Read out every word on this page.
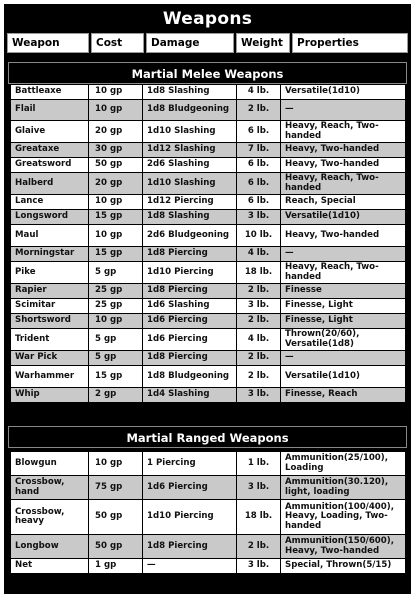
Weapons
Weapon	Cost	Damage	Weight	Properties
Martial Melee Weapons
Battleaxe	10 gp	1d8 Slashing	4 lb.	Versatile(1d10)
Flail	10 gp	1d8 Bludgeoning	2 lb.	—
Glaive	20 gp	1d10 Slashing	6 lb.	Heavy, Reach, Two-handed
Greataxe	30 gp	1d12 Slashing	7 lb.	Heavy, Two-handed
Greatsword	50 gp	2d6 Slashing	6 lb.	Heavy, Two-handed
Halberd	20 gp	1d10 Slashing	6 lb.	Heavy, Reach, Two-handed
Lance	10 gp	1d12 Piercing	6 lb.	Reach, Special
Longsword	15 gp	1d8 Slashing	3 lb.	Versatile(1d10)
Maul	10 gp	2d6 Bludgeoning	10 lb.	Heavy, Two-handed
Morningstar	15 gp	1d8 Piercing	4 lb.	—
Pike	5 gp	1d10 Piercing	18 lb.	Heavy, Reach, Two-handed
Rapier	25 gp	1d8 Piercing	2 lb.	Finesse
Scimitar	25 gp	1d6 Slashing	3 lb.	Finesse, Light
Shortsword	10 gp	1d6 Piercing	2 lb.	Finesse, Light
Trident	5 gp	1d6 Piercing	4 lb.	Thrown(20/60), Versatile(1d8)
War Pick	5 gp	1d8 Piercing	2 lb.	—
Warhammer	15 gp	1d8 Bludgeoning	2 lb.	Versatile(1d10)
Whip	2 gp	1d4 Slashing	3 lb.	Finesse, Reach
Martial Ranged Weapons
Blowgun	10 gp	1 Piercing	1 lb.	Ammunition(25/100), Loading
Crossbow, hand	75 gp	1d6 Piercing	3 lb.	Ammunition(30.120), light, loading
Crossbow, heavy	50 gp	1d10 Piercing	18 lb.	Ammunition(100/400), Heavy, Loading, Two-handed
Longbow	50 gp	1d8 Piercing	2 lb.	Ammunition(150/600), Heavy, Two-handed
Net	1 gp	—	3 lb.	Special, Thrown(5/15)
